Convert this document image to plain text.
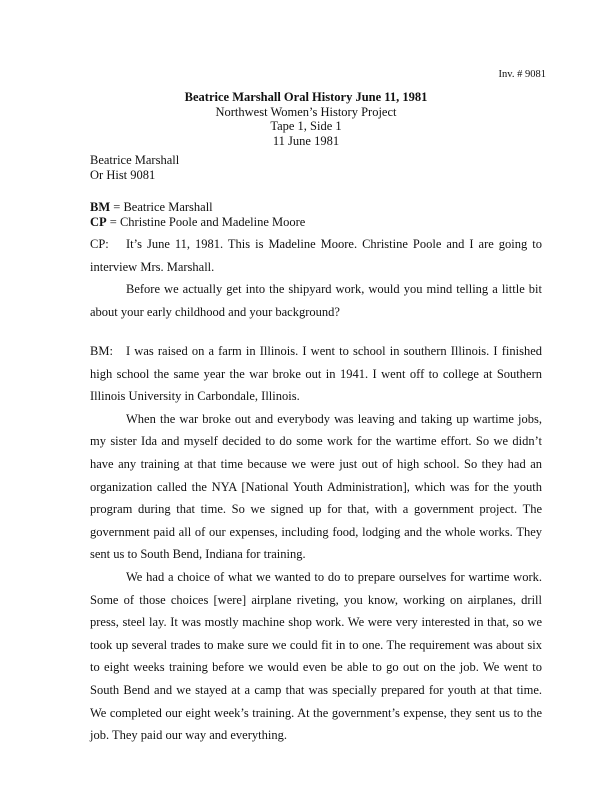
Inv. # 9081
Beatrice Marshall Oral History June 11, 1981
Northwest Women’s History Project
Tape 1, Side 1
11 June 1981
Beatrice Marshall
Or Hist 9081
BM = Beatrice Marshall
CP = Christine Poole and Madeline Moore

CP: It’s June 11, 1981. This is Madeline Moore. Christine Poole and I are going to interview Mrs. Marshall.

Before we actually get into the shipyard work, would you mind telling a little bit about your early childhood and your background?

BM: I was raised on a farm in Illinois. I went to school in southern Illinois. I finished high school the same year the war broke out in 1941. I went off to college at Southern Illinois University in Carbondale, Illinois.

When the war broke out and everybody was leaving and taking up wartime jobs, my sister Ida and myself decided to do some work for the wartime effort. So we didn’t have any training at that time because we were just out of high school. So they had an organization called the NYA [National Youth Administration], which was for the youth program during that time. So we signed up for that, with a government project. The government paid all of our expenses, including food, lodging and the whole works. They sent us to South Bend, Indiana for training.

We had a choice of what we wanted to do to prepare ourselves for wartime work. Some of those choices [were] airplane riveting, you know, working on airplanes, drill press, steel lay. It was mostly machine shop work. We were very interested in that, so we took up several trades to make sure we could fit in to one. The requirement was about six to eight weeks training before we would even be able to go out on the job. We went to South Bend and we stayed at a camp that was specially prepared for youth at that time. We completed our eight week’s training. At the government’s expense, they sent us to the job. They paid our way and everything.
